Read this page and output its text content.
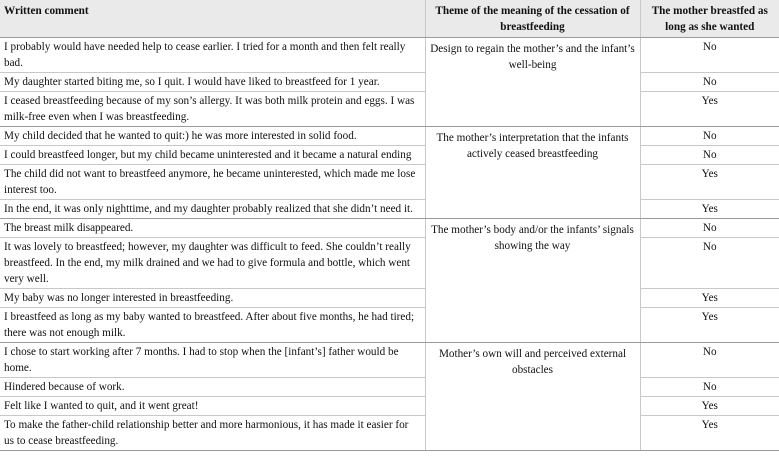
Written comment	Theme of the meaning of the cessation of breastfeeding	The mother breastfed as long as she wanted
I probably would have needed help to cease earlier. I tried for a month and then felt really bad.	Design to regain the mother’s and the infant’s well-being	No
My daughter started biting me, so I quit. I would have liked to breastfeed for 1 year.		No
I ceased breastfeeding because of my son’s allergy. It was both milk protein and eggs. I was milk-free even when I was breastfeeding.		Yes
My child decided that he wanted to quit:) he was more interested in solid food.	The mother’s interpretation that the infants actively ceased breastfeeding	No
I could breastfeed longer, but my child became uninterested and it became a natural ending		No
The child did not want to breastfeed anymore, he became uninterested, which made me lose interest too.		Yes
In the end, it was only nighttime, and my daughter probably realized that she didn’t need it.		Yes
The breast milk disappeared.	The mother’s body and/or the infants’ signals showing the way	No
It was lovely to breastfeed; however, my daughter was difficult to feed. She couldn’t really breastfeed. In the end, my milk drained and we had to give formula and bottle, which went very well.		No
My baby was no longer interested in breastfeeding.		Yes
I breastfeed as long as my baby wanted to breastfeed. After about five months, he had tired; there was not enough milk.		Yes
I chose to start working after 7 months. I had to stop when the [infant’s] father would be home.	Mother’s own will and perceived external obstacles	No
Hindered because of work.		No
Felt like I wanted to quit, and it went great!		Yes
To make the father-child relationship better and more harmonious, it has made it easier for us to cease breastfeeding.		Yes
